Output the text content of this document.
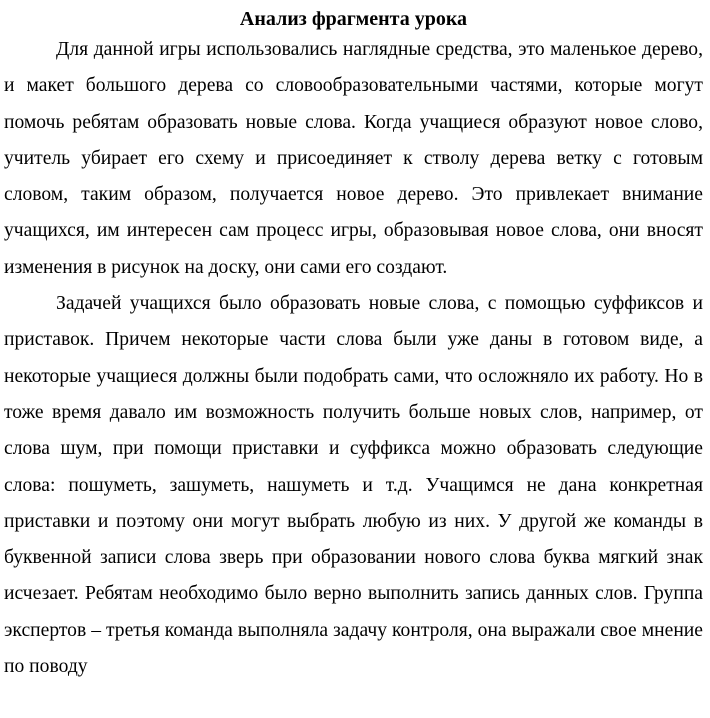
Анализ фрагмента урока

Для данной игры использовались наглядные средства, это маленькое дерево, и макет большого дерева со словообразовательными частями, которые могут помочь ребятам образовать новые слова. Когда учащиеся образуют новое слово, учитель убирает его схему и присоединяет к стволу дерева ветку с готовым словом, таким образом, получается новое дерево. Это привлекает внимание учащихся, им интересен сам процесс игры, образовывая новое слова, они вносят изменения в рисунок на доску, они сами его создают.

Задачей учащихся было образовать новые слова, с помощью суффиксов и приставок. Причем некоторые части слова были уже даны в готовом виде, а некоторые учащиеся должны были подобрать сами, что осложняло их работу. Но в тоже время давало им возможность получить больше новых слов, например, от слова шум, при помощи приставки и суффикса можно образовать следующие слова: пошуметь, зашуметь, нашуметь и т.д. Учащимся не дана конкретная приставки и поэтому они могут выбрать любую из них. У другой же команды в буквенной записи слова зверь при образовании нового слова буква мягкий знак исчезает. Ребятам необходимо было верно выполнить запись данных слов. Группа экспертов – третья команда выполняла задачу контроля, она выражали свое мнение по поводу
